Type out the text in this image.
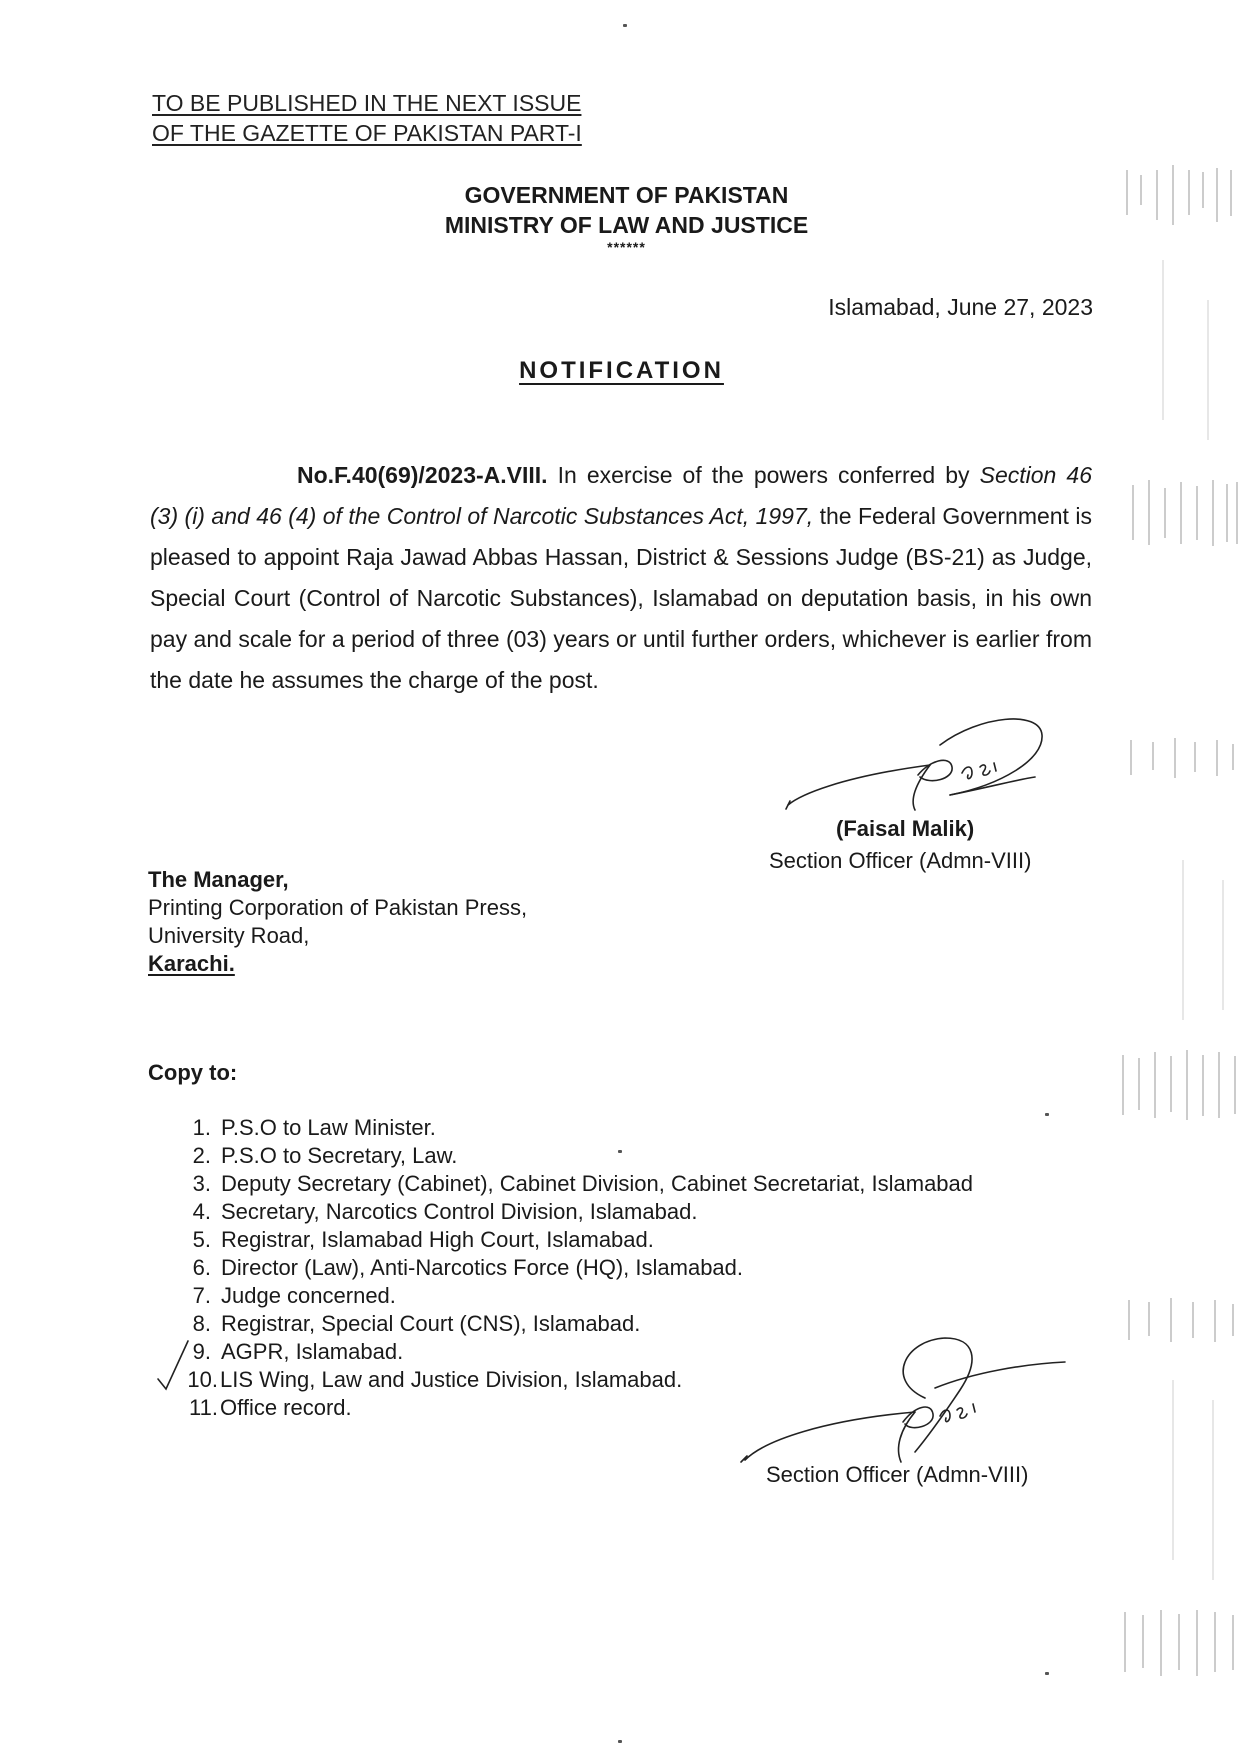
TO BE PUBLISHED IN THE NEXT ISSUE
OF THE GAZETTE OF PAKISTAN PART-I
GOVERNMENT OF PAKISTAN
MINISTRY OF LAW AND JUSTICE
******
Islamabad, June 27, 2023
NOTIFICATION
No.F.40(69)/2023-A.VIII. In exercise of the powers conferred by Section 46 (3) (i) and 46 (4) of the Control of Narcotic Substances Act, 1997, the Federal Government is pleased to appoint Raja Jawad Abbas Hassan, District & Sessions Judge (BS-21) as Judge, Special Court (Control of Narcotic Substances), Islamabad on deputation basis, in his own pay and scale for a period of three (03) years or until further orders, whichever is earlier from the date he assumes the charge of the post.
(Faisal Malik)
Section Officer (Admn-VIII)
The Manager,
Printing Corporation of Pakistan Press,
University Road,
Karachi.
Copy to:
1. P.S.O to Law Minister.
2. P.S.O to Secretary, Law.
3. Deputy Secretary (Cabinet), Cabinet Division, Cabinet Secretariat, Islamabad
4. Secretary, Narcotics Control Division, Islamabad.
5. Registrar, Islamabad High Court, Islamabad.
6. Director (Law), Anti-Narcotics Force (HQ), Islamabad.
7. Judge concerned.
8. Registrar, Special Court (CNS), Islamabad.
9. AGPR, Islamabad.
10. LIS Wing, Law and Justice Division, Islamabad.
11. Office record.
Section Officer (Admn-VIII)
